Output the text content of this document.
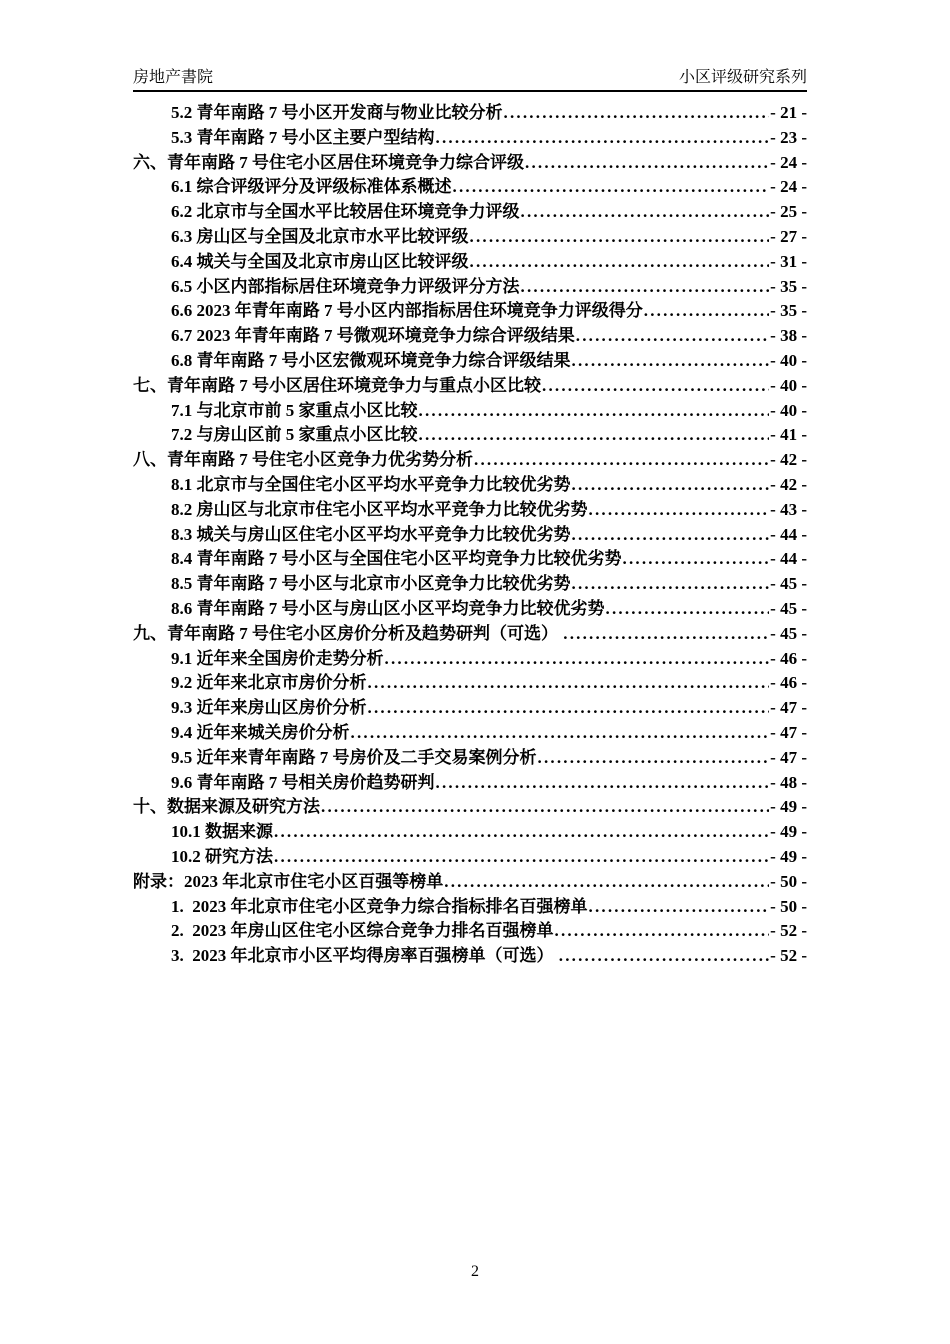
房地产書院	小区评级研究系列
5.2 青年南路 7 号小区开发商与物业比较分析 .....	- 21 -
5.3 青年南路 7 号小区主要户型结构 .....	- 23 -
六、青年南路 7 号住宅小区居住环境竞争力综合评级 .....	- 24 -
6.1 综合评级评分及评级标准体系概述 .....	- 24 -
6.2 北京市与全国水平比较居住环境竞争力评级 .....	- 25 -
6.3 房山区与全国及北京市水平比较评级 .....	- 27 -
6.4 城关与全国及北京市房山区比较评级 .....	- 31 -
6.5 小区内部指标居住环境竞争力评级评分方法 .....	- 35 -
6.6 2023 年青年南路 7 号小区内部指标居住环境竞争力评级得分 .....	- 35 -
6.7 2023 年青年南路 7 号微观环境竞争力综合评级结果 .....	- 38 -
6.8 青年南路 7 号小区宏微观环境竞争力综合评级结果 .....	- 40 -
七、青年南路 7 号小区居住环境竞争力与重点小区比较 .....	- 40 -
7.1 与北京市前 5 家重点小区比较 .....	- 40 -
7.2 与房山区前 5 家重点小区比较 .....	- 41 -
八、青年南路 7 号住宅小区竞争力优劣势分析 .....	- 42 -
8.1 北京市与全国住宅小区平均水平竞争力比较优劣势 .....	- 42 -
8.2 房山区与北京市住宅小区平均水平竞争力比较优劣势 .....	- 43 -
8.3 城关与房山区住宅小区平均水平竞争力比较优劣势 .....	- 44 -
8.4 青年南路 7 号小区与全国住宅小区平均竞争力比较优劣势 .....	- 44 -
8.5 青年南路 7 号小区与北京市小区竞争力比较优劣势 .....	- 45 -
8.6 青年南路 7 号小区与房山区小区平均竞争力比较优劣势 .....	- 45 -
九、青年南路 7 号住宅小区房价分析及趋势研判（可选） .....	- 45 -
9.1 近年来全国房价走势分析 .....	- 46 -
9.2 近年来北京市房价分析 .....	- 46 -
9.3 近年来房山区房价分析 .....	- 47 -
9.4 近年来城关房价分析 .....	- 47 -
9.5 近年来青年南路 7 号房价及二手交易案例分析 .....	- 47 -
9.6 青年南路 7 号相关房价趋势研判 .....	- 48 -
十、数据来源及研究方法 .....	- 49 -
10.1 数据来源 .....	- 49 -
10.2 研究方法 .....	- 49 -
附录：2023 年北京市住宅小区百强等榜单 .....	- 50 -
1.  2023 年北京市住宅小区竞争力综合指标排名百强榜单 .....	- 50 -
2.  2023 年房山区住宅小区综合竞争力排名百强榜单 .....	- 52 -
3.  2023 年北京市小区平均得房率百强榜单（可选） .....	- 52 -
2
